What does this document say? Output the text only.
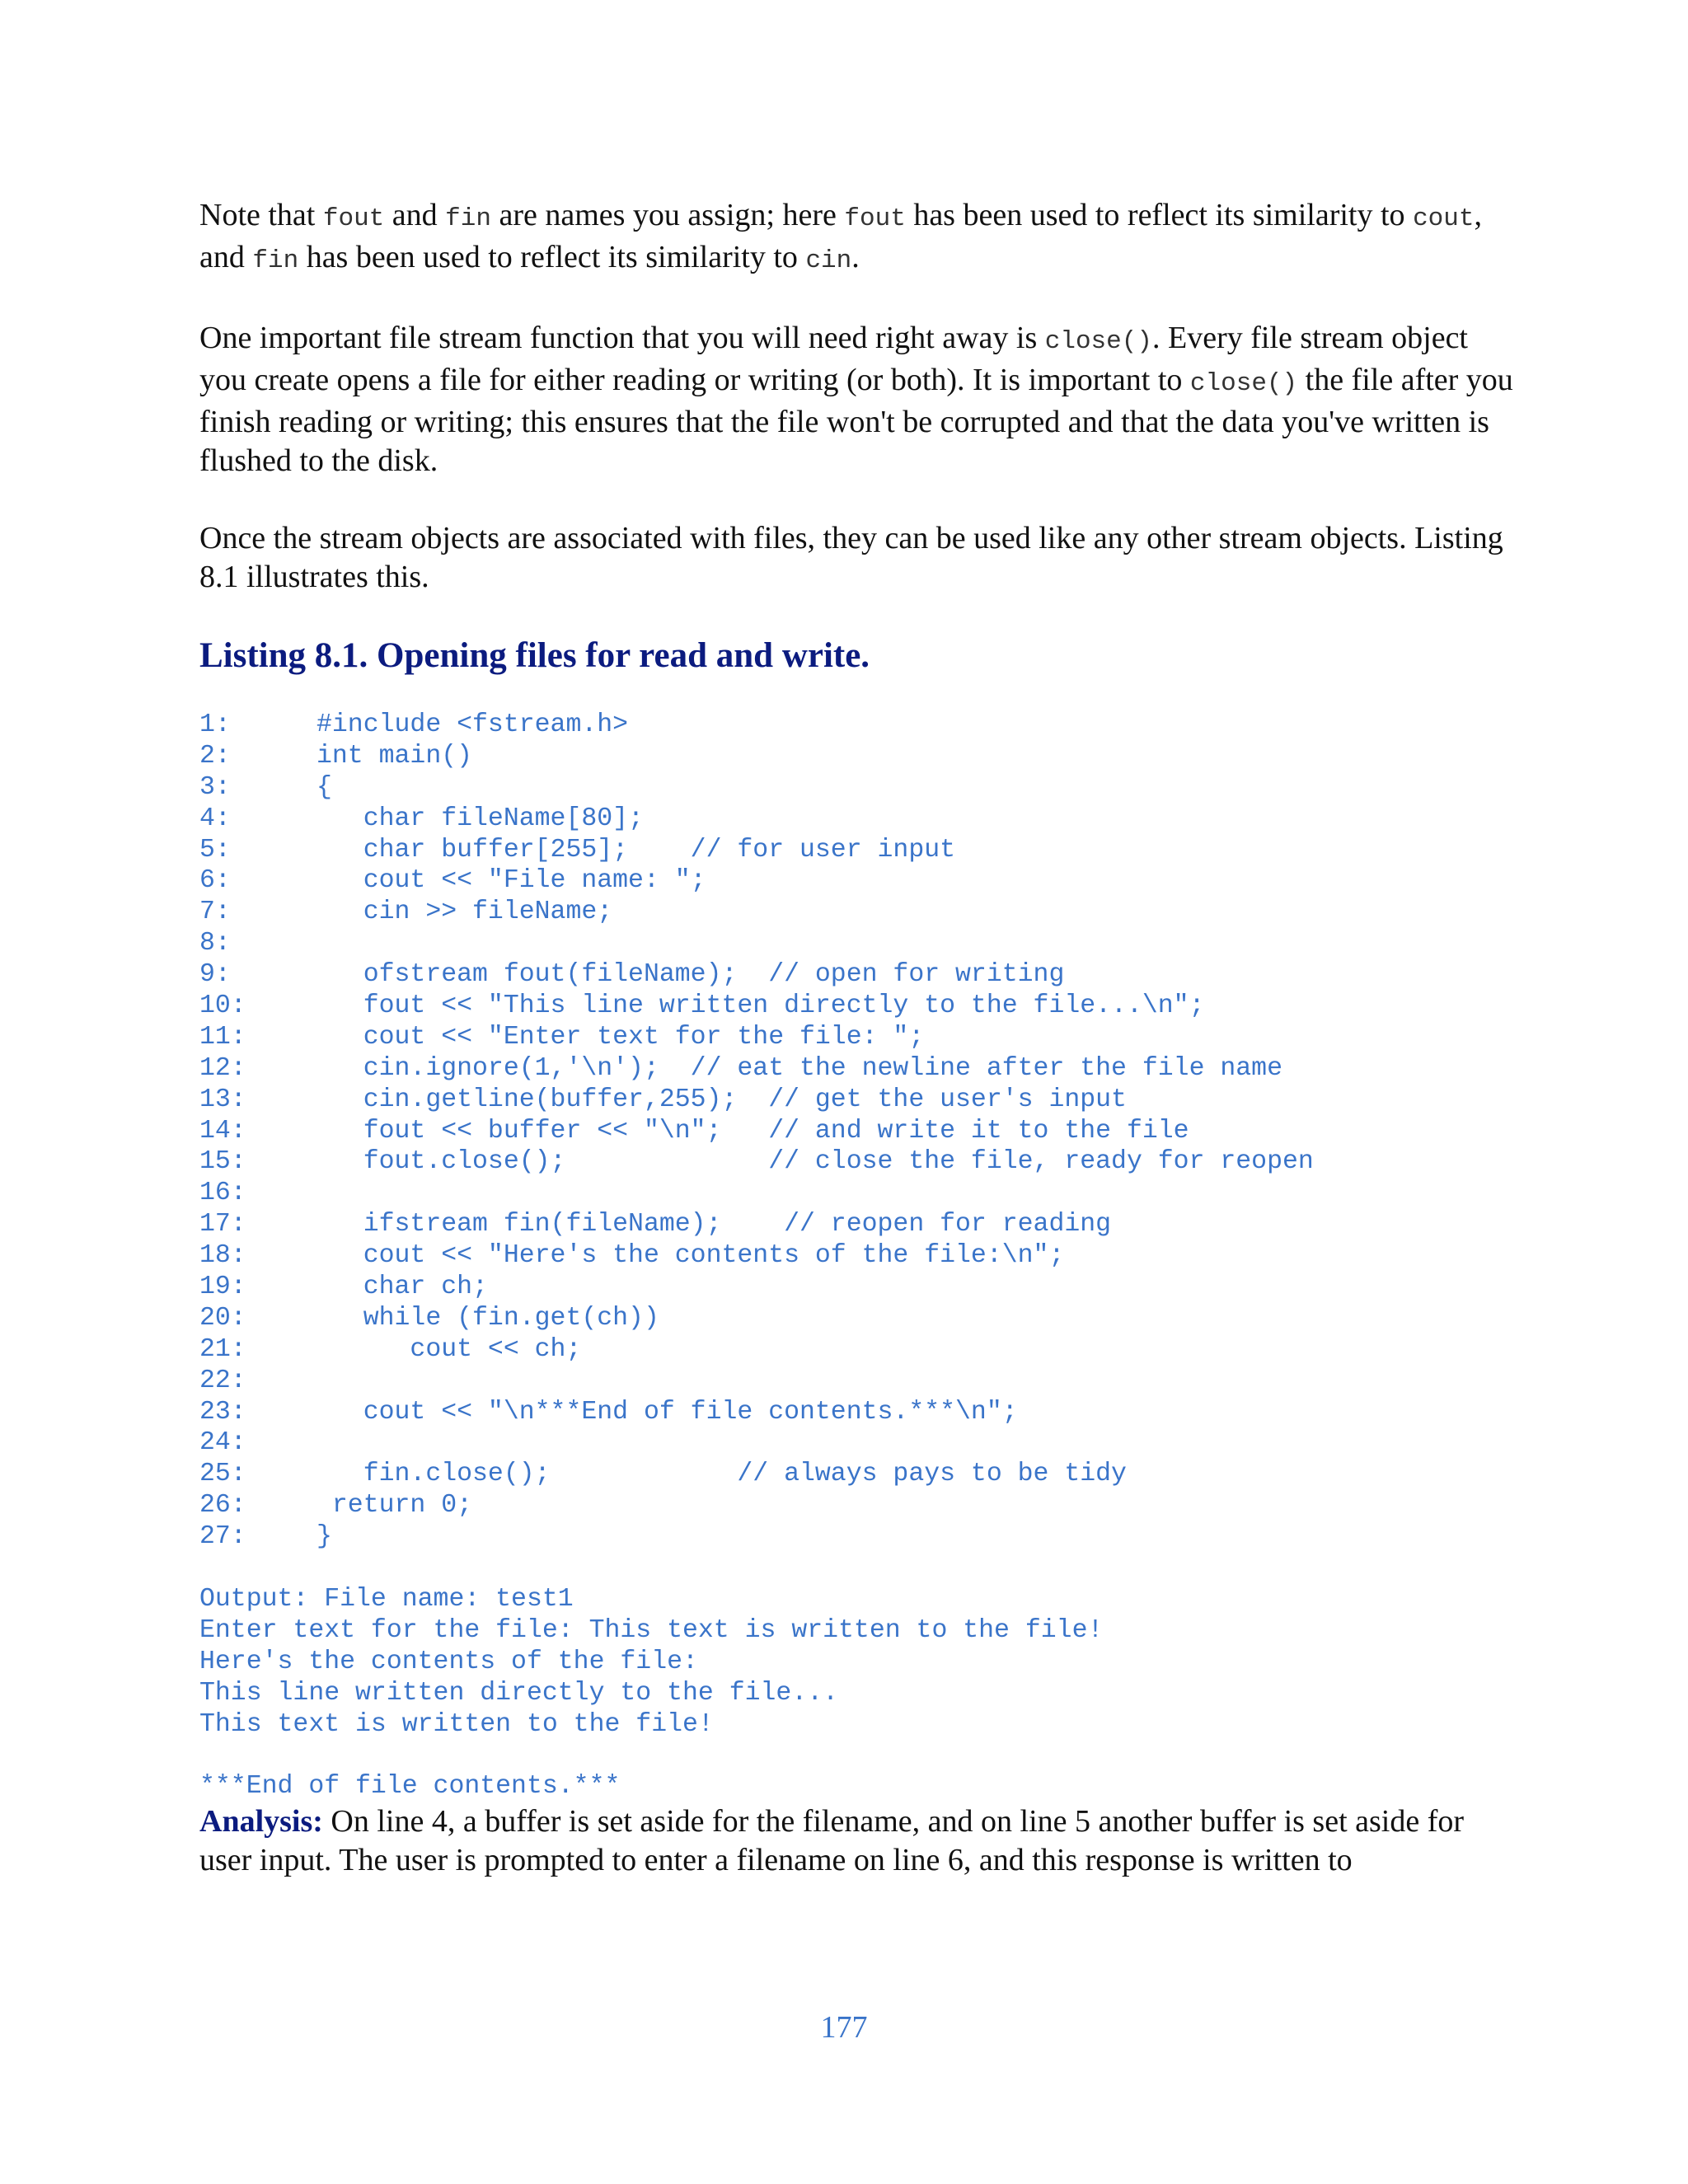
Note that fout and fin are names you assign; here fout has been used to reflect its similarity to cout, and fin has been used to reflect its similarity to cin.

One important file stream function that you will need right away is close(). Every file stream object you create opens a file for either reading or writing (or both). It is important to close() the file after you finish reading or writing; this ensures that the file won't be corrupted and that the data you've written is flushed to the disk.

Once the stream objects are associated with files, they can be used like any other stream objects. Listing 8.1 illustrates this.

Listing 8.1. Opening files for read and write.
1:	#include <fstream.h>
2:	int main()
3:	{
4:	char fileName[80];
5:	char buffer[255];    // for user input
6:	cout << "File name: ";
7:	cin >> fileName;
8:
9:	ofstream fout(fileName);  // open for writing
10:	fout << "This line written directly to the file...\n";
11:	cout << "Enter text for the file: ";
12:	cin.ignore(1,'\n');  // eat the newline after the file name
13:	cin.getline(buffer,255);  // get the user's input
14:	fout << buffer << "\n";   // and write it to the file
15:	fout.close();             // close the file, ready for reopen
16:
17:	ifstream fin(fileName);    // reopen for reading
18:	cout << "Here's the contents of the file:\n";
19:	char ch;
20:	while (fin.get(ch))
21:	cout << ch;
22:
23:	cout << "\n***End of file contents.***\n";
24:
25:	fin.close();            // always pays to be tidy
26:	return 0;
27:	}
Output: File name: test1
Enter text for the file: This text is written to the file!
Here's the contents of the file:
This line written directly to the file...
This text is written to the file!
***End of file contents.***

Analysis: On line 4, a buffer is set aside for the filename, and on line 5 another buffer is set aside for user input. The user is prompted to enter a filename on line 6, and this response is written to

177
